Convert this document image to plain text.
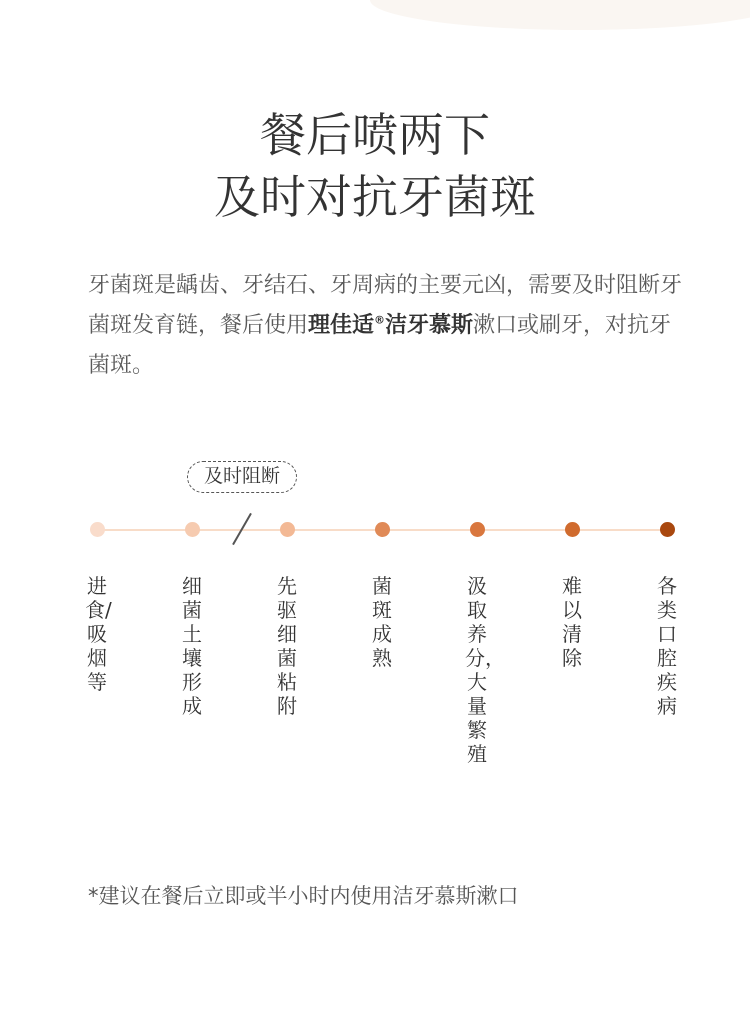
餐后喷两下
及时对抗牙菌斑

牙菌斑是龋齿、牙结石、牙周病的主要元凶，需要及时阻断牙菌斑发育链，餐后使用理佳适®洁牙慕斯漱口或刷牙，对抗牙菌斑。

及时阻断
进食/吸烟等
细菌土壤形成
先驱细菌粘附
菌斑成熟
汲取养分，大量繁殖
难以清除
各类口腔疾病

*建议在餐后立即或半小时内使用洁牙慕斯漱口
